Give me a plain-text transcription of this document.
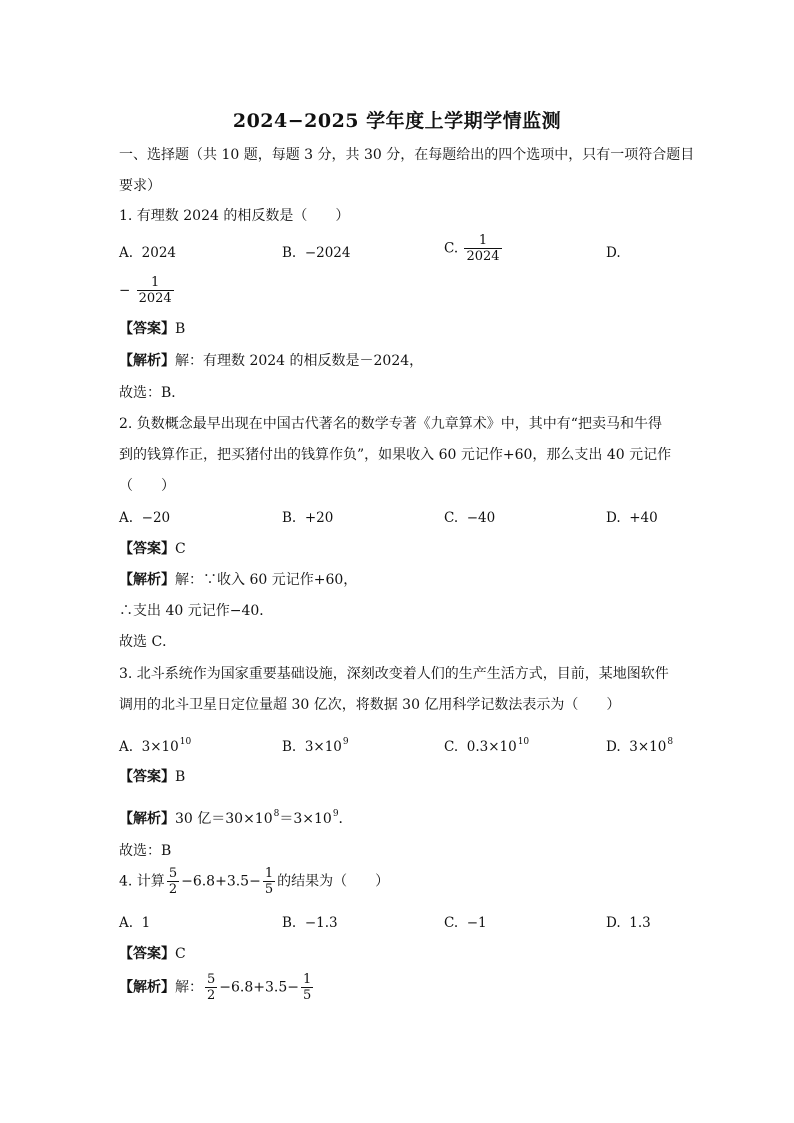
2024−2025 学年度上学期学情监测
一、选择题（共 10 题，每题 3 分，共 30 分，在每题给出的四个选项中，只有一项符合题目
要求）
1. 有理数 2024 的相反数是（　　）
A. 2024	B. −2024	C. $\frac{1}{2024}$	D.
− $\frac{1}{2024}$
【答案】B
【解析】解：有理数 2024 的相反数是－2024，
故选：B．
2. 负数概念最早出现在中国古代著名的数学专著《九章算术》中，其中有“把卖马和牛得
到的钱算作正，把买猪付出的钱算作负”，如果收入 60 元记作+60，那么支出 40 元记作
（　　）
A. −20	B. +20	C. −40	D. +40
【答案】C
【解析】解：∵收入 60 元记作+60，
∴支出 40 元记作−40．
故选 C．
3. 北斗系统作为国家重要基础设施，深刻改变着人们的生产生活方式，目前，某地图软件
调用的北斗卫星日定位量超 30 亿次，将数据 30 亿用科学记数法表示为（　　）
A. $3\times 10^{10}$	B. $3\times 10^9$	C. $0.3\times 10^{10}$	D. $3\times 10^8$
【答案】B
【解析】30 亿$=30\times 10^8=3\times 10^9$．
故选：B
4. 计算 $\frac{5}{2} -6.8+3.5- \frac{1}{5}$ 的结果为（　　）
A. 1	B. −1.3	C. −1	D. 1.3
【答案】C
【解析】解： $\frac{5}{2} -6.8+3.5- \frac{1}{5}$
